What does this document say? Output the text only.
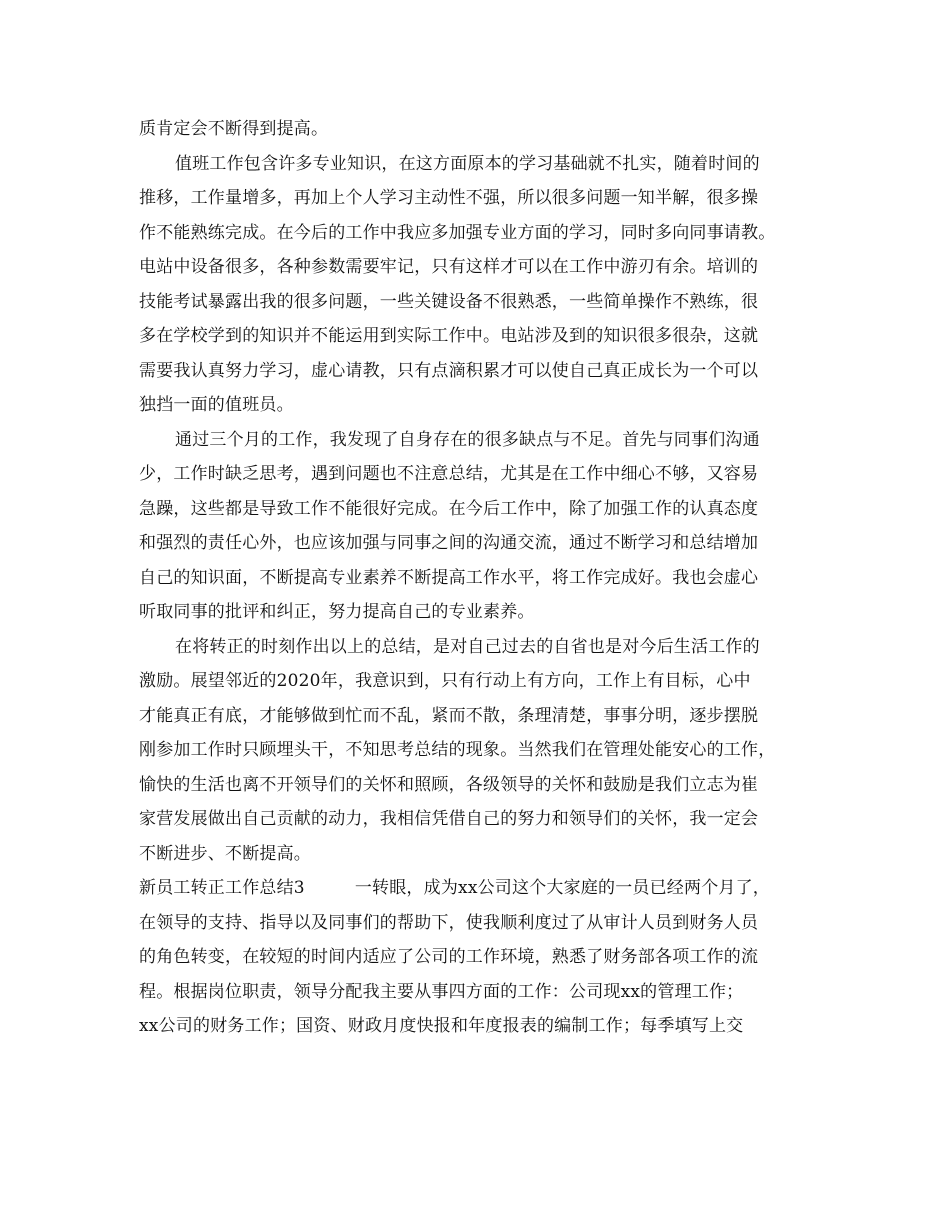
质肯定会不断得到提高。

值班工作包含许多专业知识，在这方面原本的学习基础就不扎实，随着时间的
推移，工作量增多，再加上个人学习主动性不强，所以很多问题一知半解，很多操
作不能熟练完成。在今后的工作中我应多加强专业方面的学习，同时多向同事请教。
电站中设备很多，各种参数需要牢记，只有这样才可以在工作中游刃有余。培训的
技能考试暴露出我的很多问题，一些关键设备不很熟悉，一些简单操作不熟练，很
多在学校学到的知识并不能运用到实际工作中。电站涉及到的知识很多很杂，这就
需要我认真努力学习，虚心请教，只有点滴积累才可以使自己真正成长为一个可以
独挡一面的值班员。

通过三个月的工作，我发现了自身存在的很多缺点与不足。首先与同事们沟通
少，工作时缺乏思考，遇到问题也不注意总结，尤其是在工作中细心不够，又容易
急躁，这些都是导致工作不能很好完成。在今后工作中，除了加强工作的认真态度
和强烈的责任心外，也应该加强与同事之间的沟通交流，通过不断学习和总结增加
自己的知识面，不断提高专业素养不断提高工作水平，将工作完成好。我也会虚心
听取同事的批评和纠正，努力提高自己的专业素养。

在将转正的时刻作出以上的总结，是对自己过去的自省也是对今后生活工作的
激励。展望邻近的2020年，我意识到，只有行动上有方向，工作上有目标，心中
才能真正有底，才能够做到忙而不乱，紧而不散，条理清楚，事事分明，逐步摆脱
刚参加工作时只顾埋头干，不知思考总结的现象。当然我们在管理处能安心的工作，
愉快的生活也离不开领导们的关怀和照顾，各级领导的关怀和鼓励是我们立志为崔
家营发展做出自己贡献的动力，我相信凭借自己的努力和领导们的关怀，我一定会
不断进步、不断提高。

新员工转正工作总结3	一转眼，成为xx公司这个大家庭的一员已经两个月了，
在领导的支持、指导以及同事们的帮助下，使我顺利度过了从审计人员到财务人员
的角色转变，在较短的时间内适应了公司的工作环境，熟悉了财务部各项工作的流
程。根据岗位职责，领导分配我主要从事四方面的工作：公司现xx的管理工作；
xx公司的财务工作；国资、财政月度快报和年度报表的编制工作；每季填写上交
